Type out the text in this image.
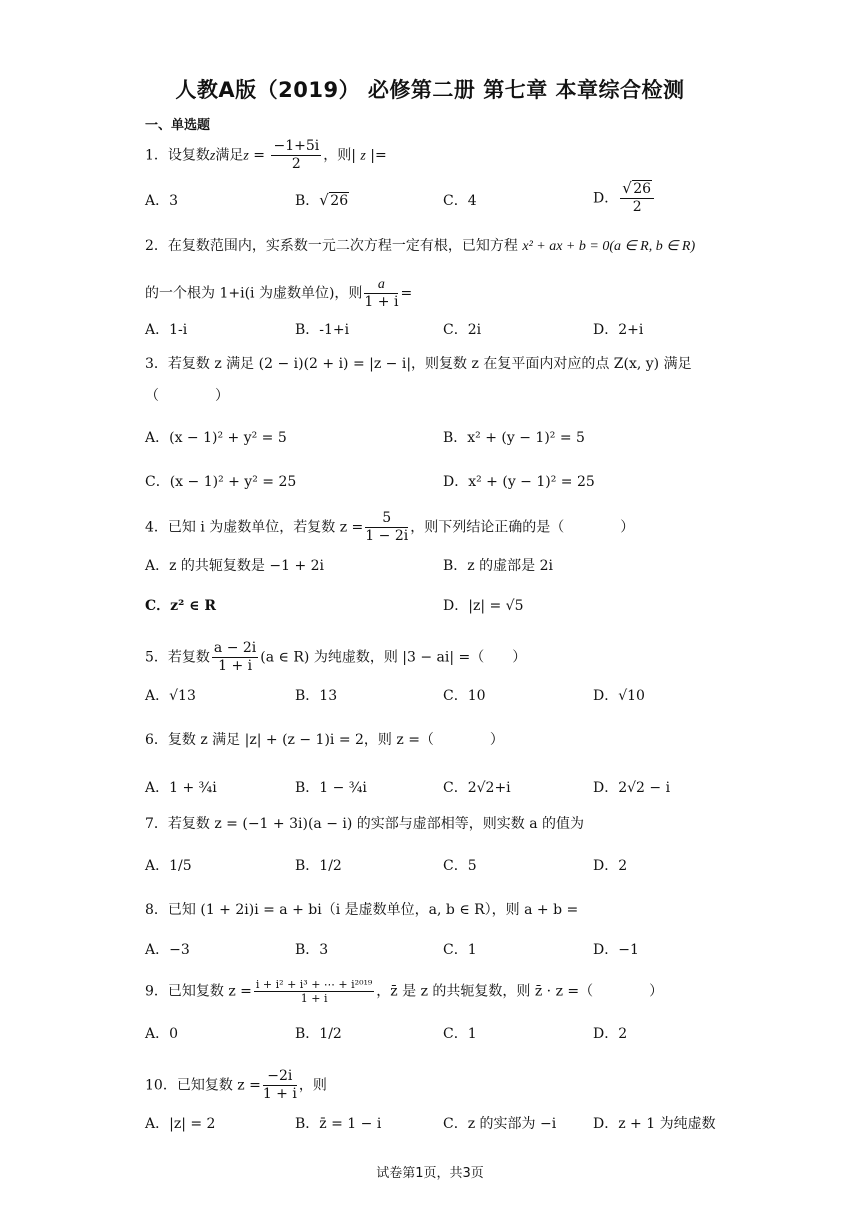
人教A版（2019） 必修第二册 第七章 本章综合检测
一、单选题
1．设复数z满足$z = \frac{-1+5i}{2}$ ，则| z |=
A．3	B． √ 26	C．4	D． $\frac{√ 26}{2}$
2．在复数范围内，实系数一元二次方程一定有根，已知方程 x² + ax + b = 0(a ∈ R, b ∈ R)
的一个根为 1+i(i 为虚数单位)，则 $\frac{a}{1 + i}$ =
A．1-i	B．-1+i	C．2i	D．2+i
3．若复数 z 满足 (2 − i)(2 + i) = |z − i|，则复数 z 在复平面内对应的点 Z(x, y) 满足
（　　　　）
A．(x − 1)² + y² = 5	B．x² + (y − 1)² = 5
C．(x − 1)² + y² = 25	D．x² + (y − 1)² = 25
4．已知 i 为虚数单位，若复数 $z = \frac{5}{1 - 2i}$ ，则下列结论正确的是（　　　　）
A．z 的共轭复数是 −1 + 2i	B．z 的虚部是 2i
C．z² ∈ R	D．|z| = √5
5．若复数 $\frac{a - 2i}{1 + i} (a$ ∈ R) 为纯虚数，则 |3 − ai| =（　　）
A．√13	B．13	C．10	D．√10
6．复数 z 满足 |z| + (z − 1)i = 2，则 z =（　　　　）
A．1 + ¾i	B．1 − ¾i	C．2√2+i	D．2√2 − i
7．若复数 z = (−1 + 3i)(a − i) 的实部与虚部相等，则实数 a 的值为
A．1/5	B．1/2	C．5	D．2
8．已知 (1 + 2i)i = a + bi（i 是虚数单位，a, b ∈ R），则 a + b =
A．−3	B．3	C．1	D．−1
9．已知复数 $z = \frac{\text{i + i² + i³ + ⋯ + i²⁰¹⁹}}{1 + i}$ ，z̄ 是 z 的共轭复数，则 z̄ · z =（　　　　）
A．0	B．1/2	C．1	D．2
10．已知复数 $z = \frac{-2i}{1 + i}$ ，则
A．|z| = 2	B．z̄ = 1 − i	C．z 的实部为 −i	D．z + 1 为纯虚数
试卷第1页，共3页
